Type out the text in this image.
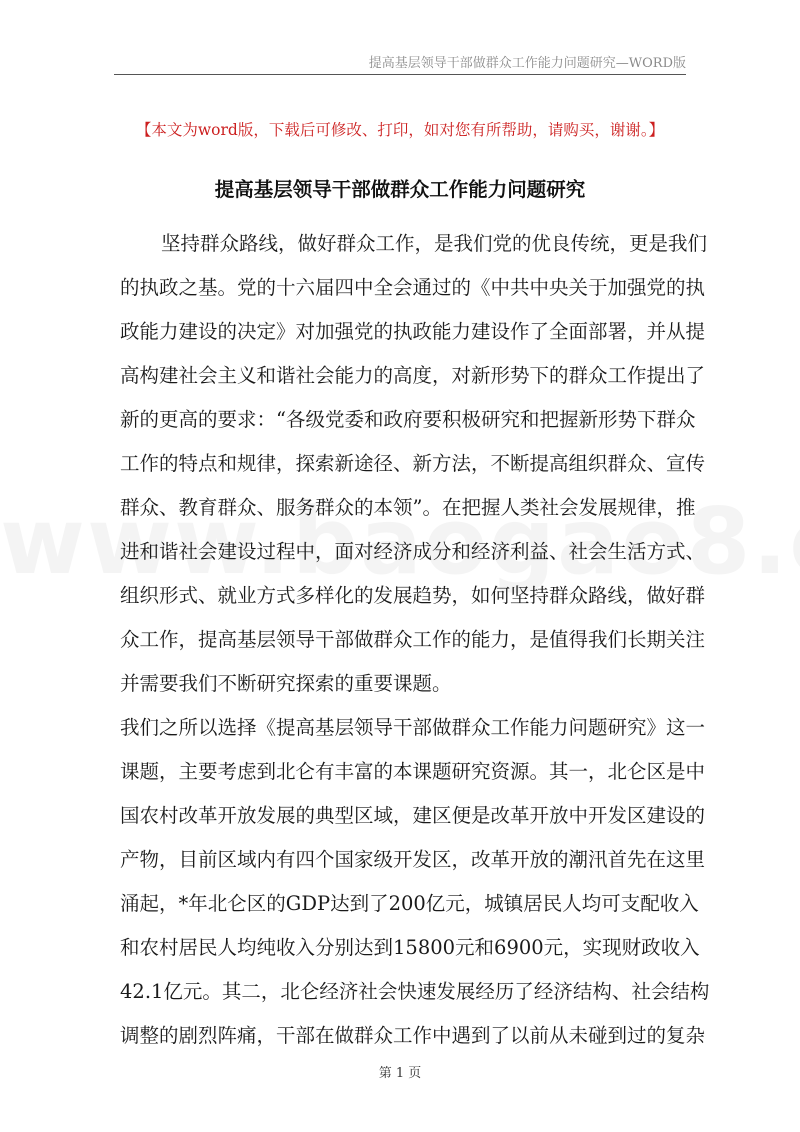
提高基层领导干部做群众工作能力问题研究—WORD版
【本文为word版，下载后可修改、打印，如对您有所帮助，请购买，谢谢。】
提高基层领导干部做群众工作能力问题研究
坚持群众路线，做好群众工作，是我们党的优良传统，更是我们
的执政之基。党的十六届四中全会通过的《中共中央关于加强党的执
政能力建设的决定》对加强党的执政能力建设作了全面部署，并从提
高构建社会主义和谐社会能力的高度，对新形势下的群众工作提出了
新的更高的要求：“各级党委和政府要积极研究和把握新形势下群众
工作的特点和规律，探索新途径、新方法，不断提高组织群众、宣传
群众、教育群众、服务群众的本领”。在把握人类社会发展规律，推
进和谐社会建设过程中，面对经济成分和经济利益、社会生活方式、
组织形式、就业方式多样化的发展趋势，如何坚持群众路线，做好群
众工作，提高基层领导干部做群众工作的能力，是值得我们长期关注
并需要我们不断研究探索的重要课题。
我们之所以选择《提高基层领导干部做群众工作能力问题研究》这一
课题，主要考虑到北仑有丰富的本课题研究资源。其一，北仑区是中
国农村改革开放发展的典型区域，建区便是改革开放中开发区建设的
产物，目前区域内有四个国家级开发区，改革开放的潮汛首先在这里
涌起，*年北仑区的GDP达到了200亿元，城镇居民人均可支配收入
和农村居民人均纯收入分别达到15800元和6900元，实现财政收入
42.1亿元。其二，北仑经济社会快速发展经历了经济结构、社会结构
调整的剧烈阵痛，干部在做群众工作中遇到了以前从未碰到过的复杂
第 1 页
